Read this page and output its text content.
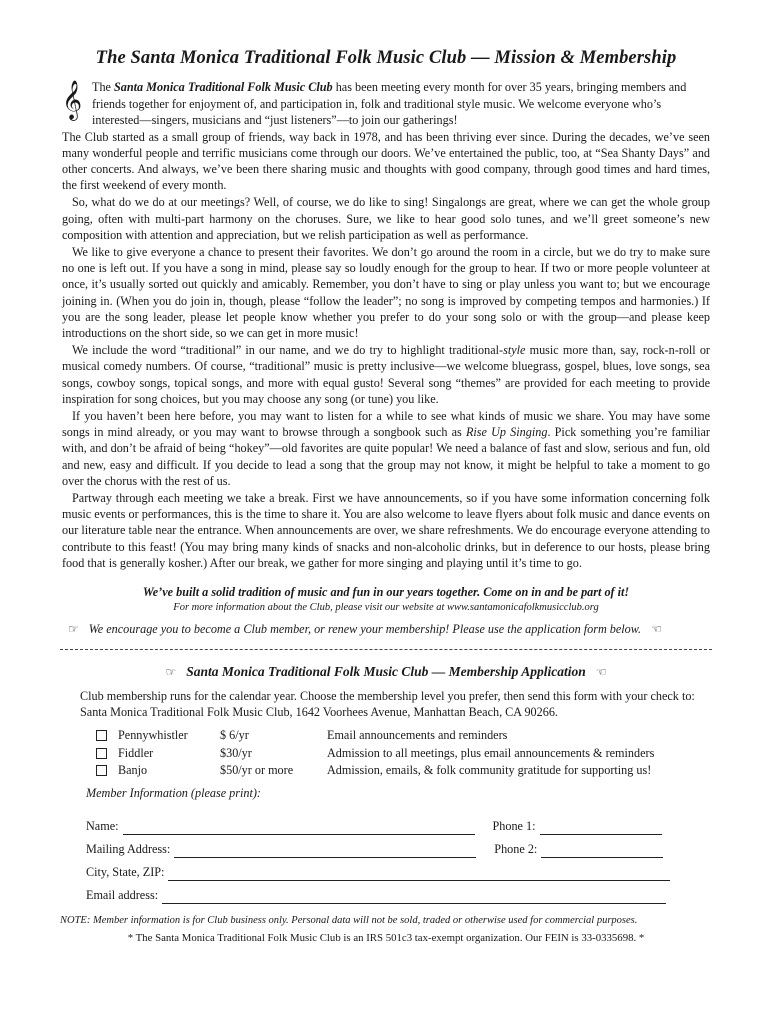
The Santa Monica Traditional Folk Music Club — Mission & Membership
𝄞 The Santa Monica Traditional Folk Music Club has been meeting every month for over 35 years, bringing members and friends together for enjoyment of, and participation in, folk and traditional style music. We welcome everyone who’s interested—singers, musicians and “just listeners”—to join our gatherings!

The Club started as a small group of friends, way back in 1978, and has been thriving ever since. During the decades, we’ve seen many wonderful people and terrific musicians come through our doors. We’ve entertained the public, too, at “Sea Shanty Days” and other concerts. And always, we’ve been there sharing music and thoughts with good company, through good times and hard times, the first weekend of every month.

So, what do we do at our meetings? Well, of course, we do like to sing! Singalongs are great, where we can get the whole group going, often with multi-part harmony on the choruses. Sure, we like to hear good solo tunes, and we’ll greet someone’s new composition with attention and appreciation, but we relish participation as well as performance.

We like to give everyone a chance to present their favorites. We don’t go around the room in a circle, but we do try to make sure no one is left out. If you have a song in mind, please say so loudly enough for the group to hear. If two or more people volunteer at once, it’s usually sorted out quickly and amicably. Remember, you don’t have to sing or play unless you want to; but we encourage joining in. (When you do join in, though, please “follow the leader”; no song is improved by competing tempos and harmonies.) If you are the song leader, please let people know whether you prefer to do your song solo or with the group—and please keep introductions on the short side, so we can get in more music!

We include the word “traditional” in our name, and we do try to highlight traditional-style music more than, say, rock-n-roll or musical comedy numbers. Of course, “traditional” music is pretty inclusive—we welcome bluegrass, gospel, blues, love songs, sea songs, cowboy songs, topical songs, and more with equal gusto! Several song “themes” are provided for each meeting to provide inspiration for song choices, but you may choose any song (or tune) you like.

If you haven’t been here before, you may want to listen for a while to see what kinds of music we share. You may have some songs in mind already, or you may want to browse through a songbook such as Rise Up Singing. Pick something you’re familiar with, and don’t be afraid of being “hokey”—old favorites are quite popular! We need a balance of fast and slow, serious and fun, old and new, easy and difficult. If you decide to lead a song that the group may not know, it might be helpful to take a moment to go over the chorus with the rest of us.

Partway through each meeting we take a break. First we have announcements, so if you have some information concerning folk music events or performances, this is the time to share it. You are also welcome to leave flyers about folk music and dance events on our literature table near the entrance. When announcements are over, we share refreshments. We do encourage everyone attending to contribute to this feast! (You may bring many kinds of snacks and non-alcoholic drinks, but in deference to our hosts, please bring food that is generally kosher.) After our break, we gather for more singing and playing until it’s time to go.

We’ve built a solid tradition of music and fun in our years together. Come on in and be part of it!
For more information about the Club, please visit our website at www.santamonicafolkmusicclub.org
☞ We encourage you to become a Club member, or renew your membership! Please use the application form below. ☜
☞ Santa Monica Traditional Folk Music Club — Membership Application ☜
Club membership runs for the calendar year. Choose the membership level you prefer, then send this form with your check to: Santa Monica Traditional Folk Music Club, 1642 Voorhees Avenue, Manhattan Beach, CA 90266.
Pennywhistler	$ 6/yr	Email announcements and reminders
Fiddler	$30/yr	Admission to all meetings, plus email announcements & reminders
Banjo	$50/yr or more	Admission, emails, & folk community gratitude for supporting us!
Member Information (please print):
Name:	Phone 1:
Mailing Address:	Phone 2:
City, State, ZIP:
Email address:
NOTE: Member information is for Club business only. Personal data will not be sold, traded or otherwise used for commercial purposes.
* The Santa Monica Traditional Folk Music Club is an IRS 501c3 tax-exempt organization. Our FEIN is 33-0335698. *
